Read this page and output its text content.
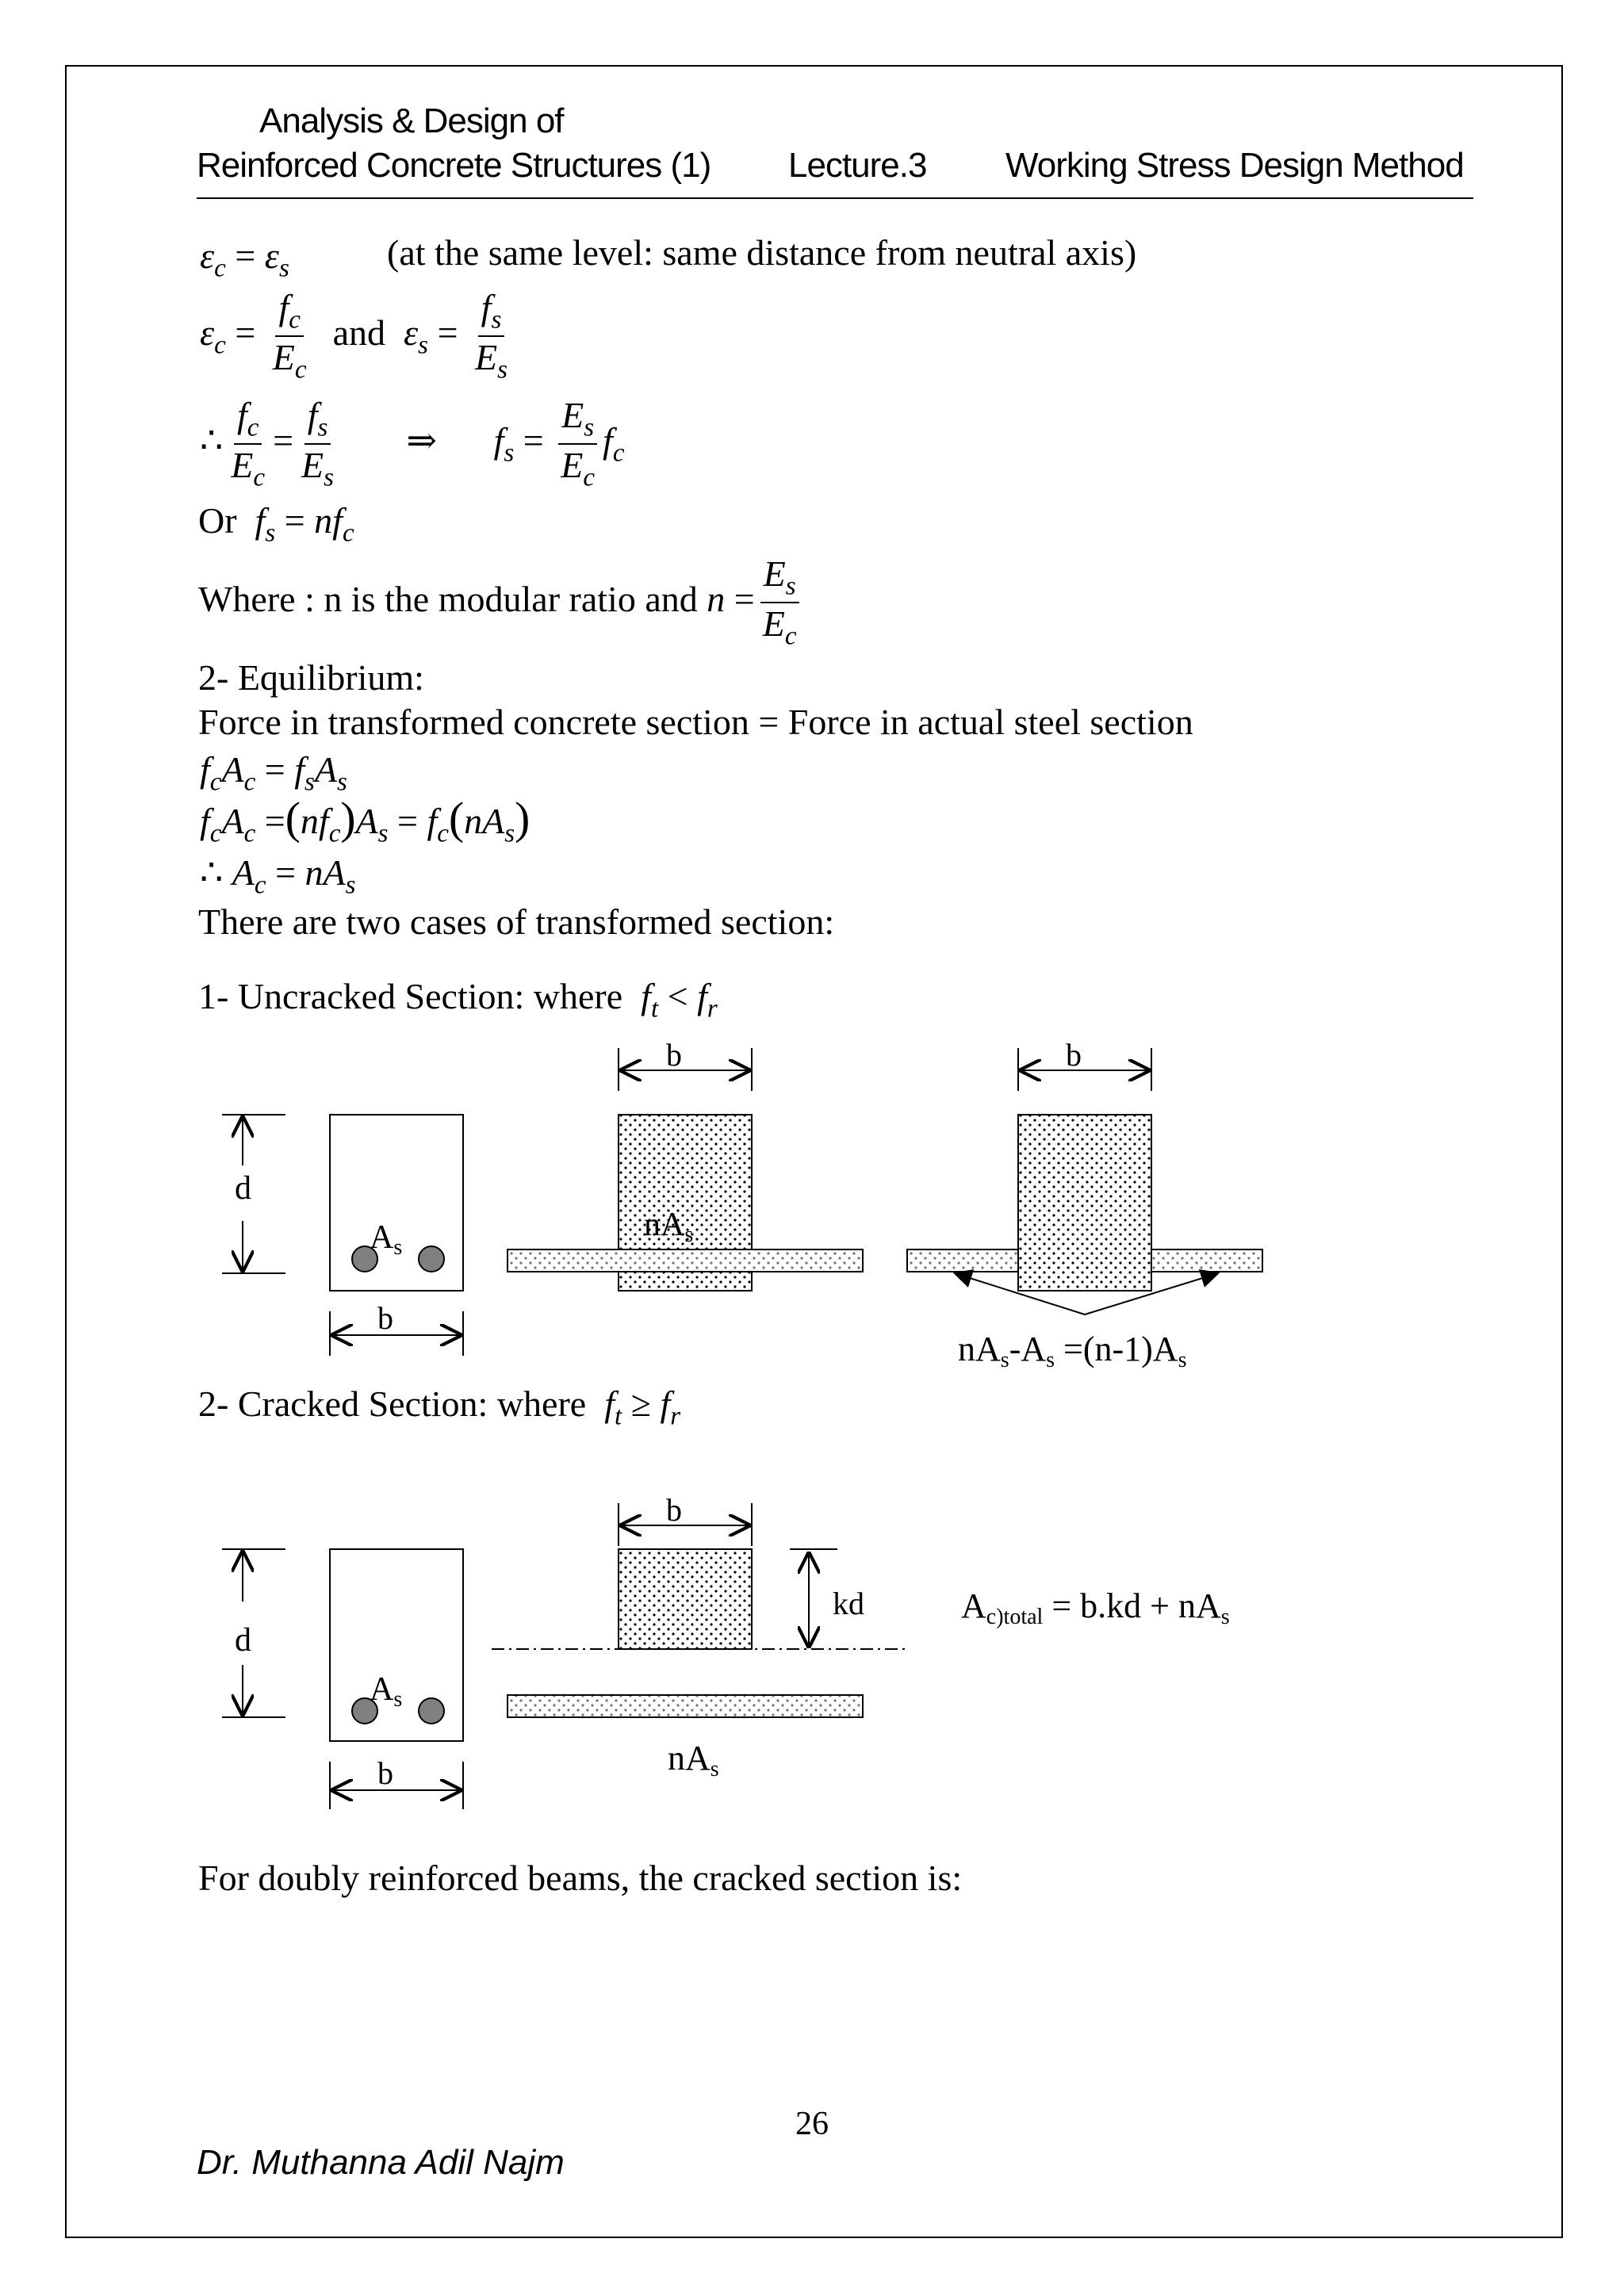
Analysis & Design of
Reinforced Concrete Structures (1) Lecture.3 Working Stress Design Method
$\varepsilon_c = \varepsilon_s$	(at the same level: same distance from neutral axis)
$\varepsilon_c = \frac{f_c}{E_c}$ and $\varepsilon_s = \frac{f_s}{E_s}$
∴ $\frac{f_c}{E_c} = \frac{f_s}{E_s}$ ⇒ $f_s = \frac{E_s}{E_c} f_c$
Or $f_s = nf_c$
Where : n is the modular ratio and $n = \frac{E_s}{E_c}$
2- Equilibrium:
Force in transformed concrete section = Force in actual steel section
$f_cA_c = f_sA_s$
$f_cA_c =(nf_c)A_s = f_c(nA_s)$
∴ $A_c = nA_s$
There are two cases of transformed section:
1- Uncracked Section: where  $f_t < f_r$
2- Cracked Section: where  $f_t \ge f_r$
d
As
b
b
nAs
b
nAs-As =(n-1)As
d
As
b
b
kd
nAs
Ac)total = b.kd + nAs
For doubly reinforced beams, the cracked section is:
26
Dr. Muthanna Adil Najm
